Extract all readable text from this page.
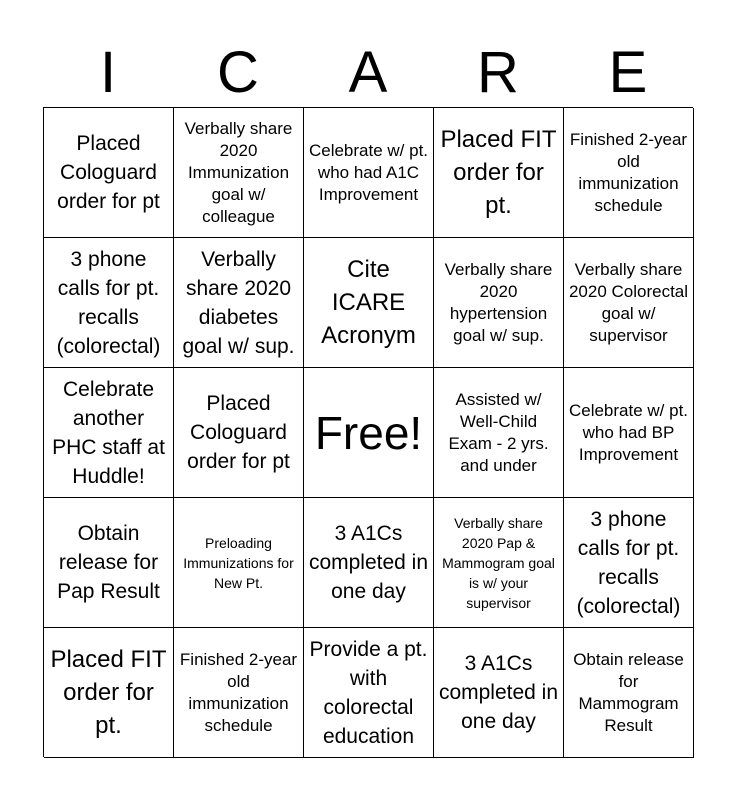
I	C	A	R	E
Placed Cologuard order for pt
Verbally share 2020 Immunization goal w/ colleague
Celebrate w/ pt. who had A1C Improvement
Placed FIT order for pt.
Finished 2-year old immunization schedule
3 phone calls for pt. recalls (colorectal)
Verbally share 2020 diabetes goal w/ sup.
Cite ICARE Acronym
Verbally share 2020 hypertension goal w/ sup.
Verbally share 2020 Colorectal goal w/ supervisor
Celebrate another PHC staff at Huddle!
Placed Cologuard order for pt
Free!
Assisted w/ Well-Child Exam - 2 yrs. and under
Celebrate w/ pt. who had BP Improvement
Obtain release for Pap Result
Preloading Immunizations for New Pt.
3 A1Cs completed in one day
Verbally share 2020 Pap & Mammogram goal is w/ your supervisor
3 phone calls for pt. recalls (colorectal)
Placed FIT order for pt.
Finished 2-year old immunization schedule
Provide a pt. with colorectal education
3 A1Cs completed in one day
Obtain release for Mammogram Result
